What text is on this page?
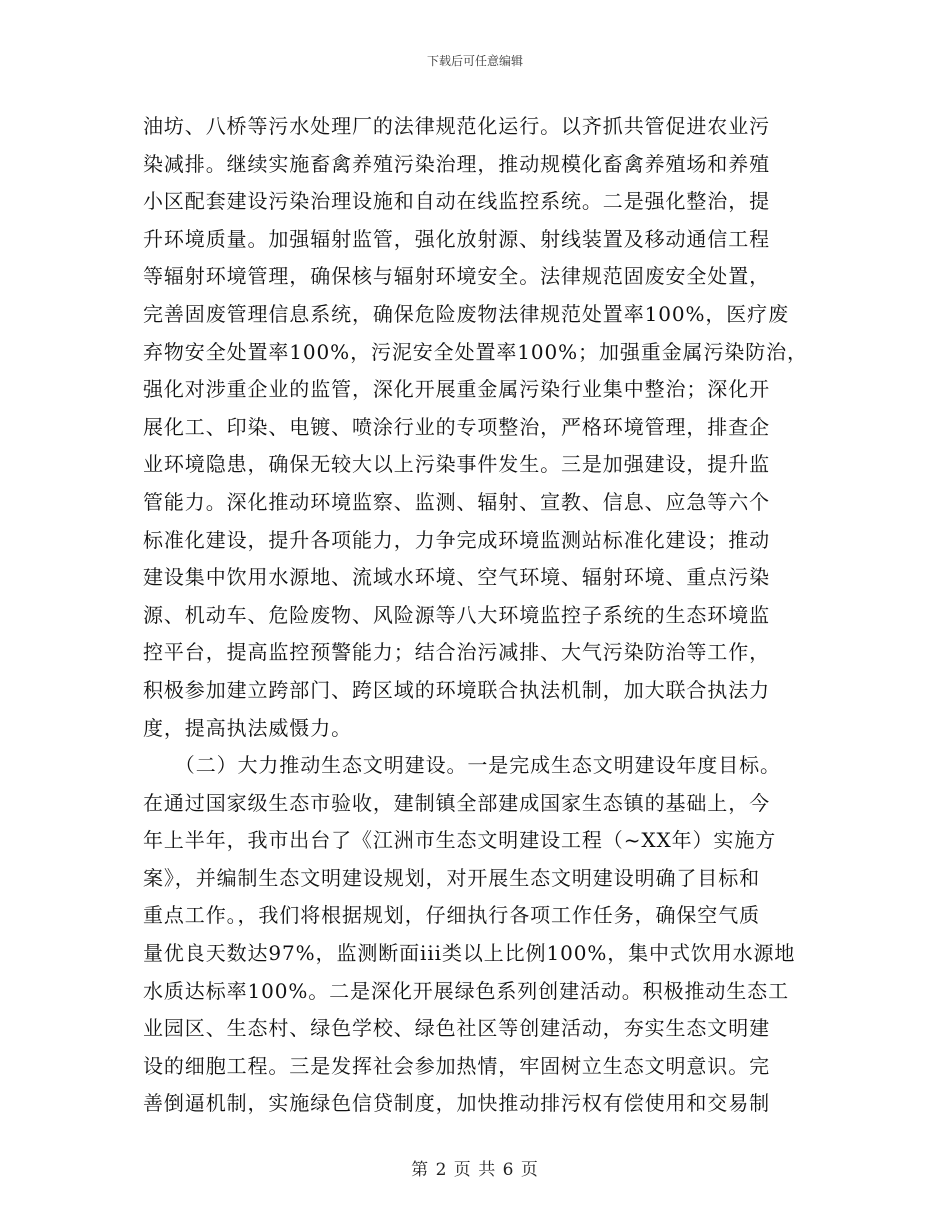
下载后可任意编辑
油坊、八桥等污水处理厂的法律规范化运行。以齐抓共管促进农业污
染减排。继续实施畜禽养殖污染治理，推动规模化畜禽养殖场和养殖
小区配套建设污染治理设施和自动在线监控系统。二是强化整治，提
升环境质量。加强辐射监管，强化放射源、射线装置及移动通信工程
等辐射环境管理，确保核与辐射环境安全。法律规范固废安全处置，
完善固废管理信息系统，确保危险废物法律规范处置率100%，医疗废
弃物安全处置率100%，污泥安全处置率100%；加强重金属污染防治，
强化对涉重企业的监管，深化开展重金属污染行业集中整治；深化开
展化工、印染、电镀、喷涂行业的专项整治，严格环境管理，排查企
业环境隐患，确保无较大以上污染事件发生。三是加强建设，提升监
管能力。深化推动环境监察、监测、辐射、宣教、信息、应急等六个
标准化建设，提升各项能力，力争完成环境监测站标准化建设；推动
建设集中饮用水源地、流域水环境、空气环境、辐射环境、重点污染
源、机动车、危险废物、风险源等八大环境监控子系统的生态环境监
控平台，提高监控预警能力；结合治污减排、大气污染防治等工作，
积极参加建立跨部门、跨区域的环境联合执法机制，加大联合执法力
度，提高执法威慑力。
　　（二）大力推动生态文明建设。一是完成生态文明建设年度目标。
在通过国家级生态市验收，建制镇全部建成国家生态镇的基础上，今
年上半年，我市出台了《江洲市生态文明建设工程（~XX年）实施方
案》，并编制生态文明建设规划，对开展生态文明建设明确了目标和
重点工作。，我们将根据规划，仔细执行各项工作任务，确保空气质
量优良天数达97%，监测断面iii类以上比例100%，集中式饮用水源地
水质达标率100%。二是深化开展绿色系列创建活动。积极推动生态工
业园区、生态村、绿色学校、绿色社区等创建活动，夯实生态文明建
设的细胞工程。三是发挥社会参加热情，牢固树立生态文明意识。完
善倒逼机制，实施绿色信贷制度，加快推动排污权有偿使用和交易制
第 2 页 共 6 页
